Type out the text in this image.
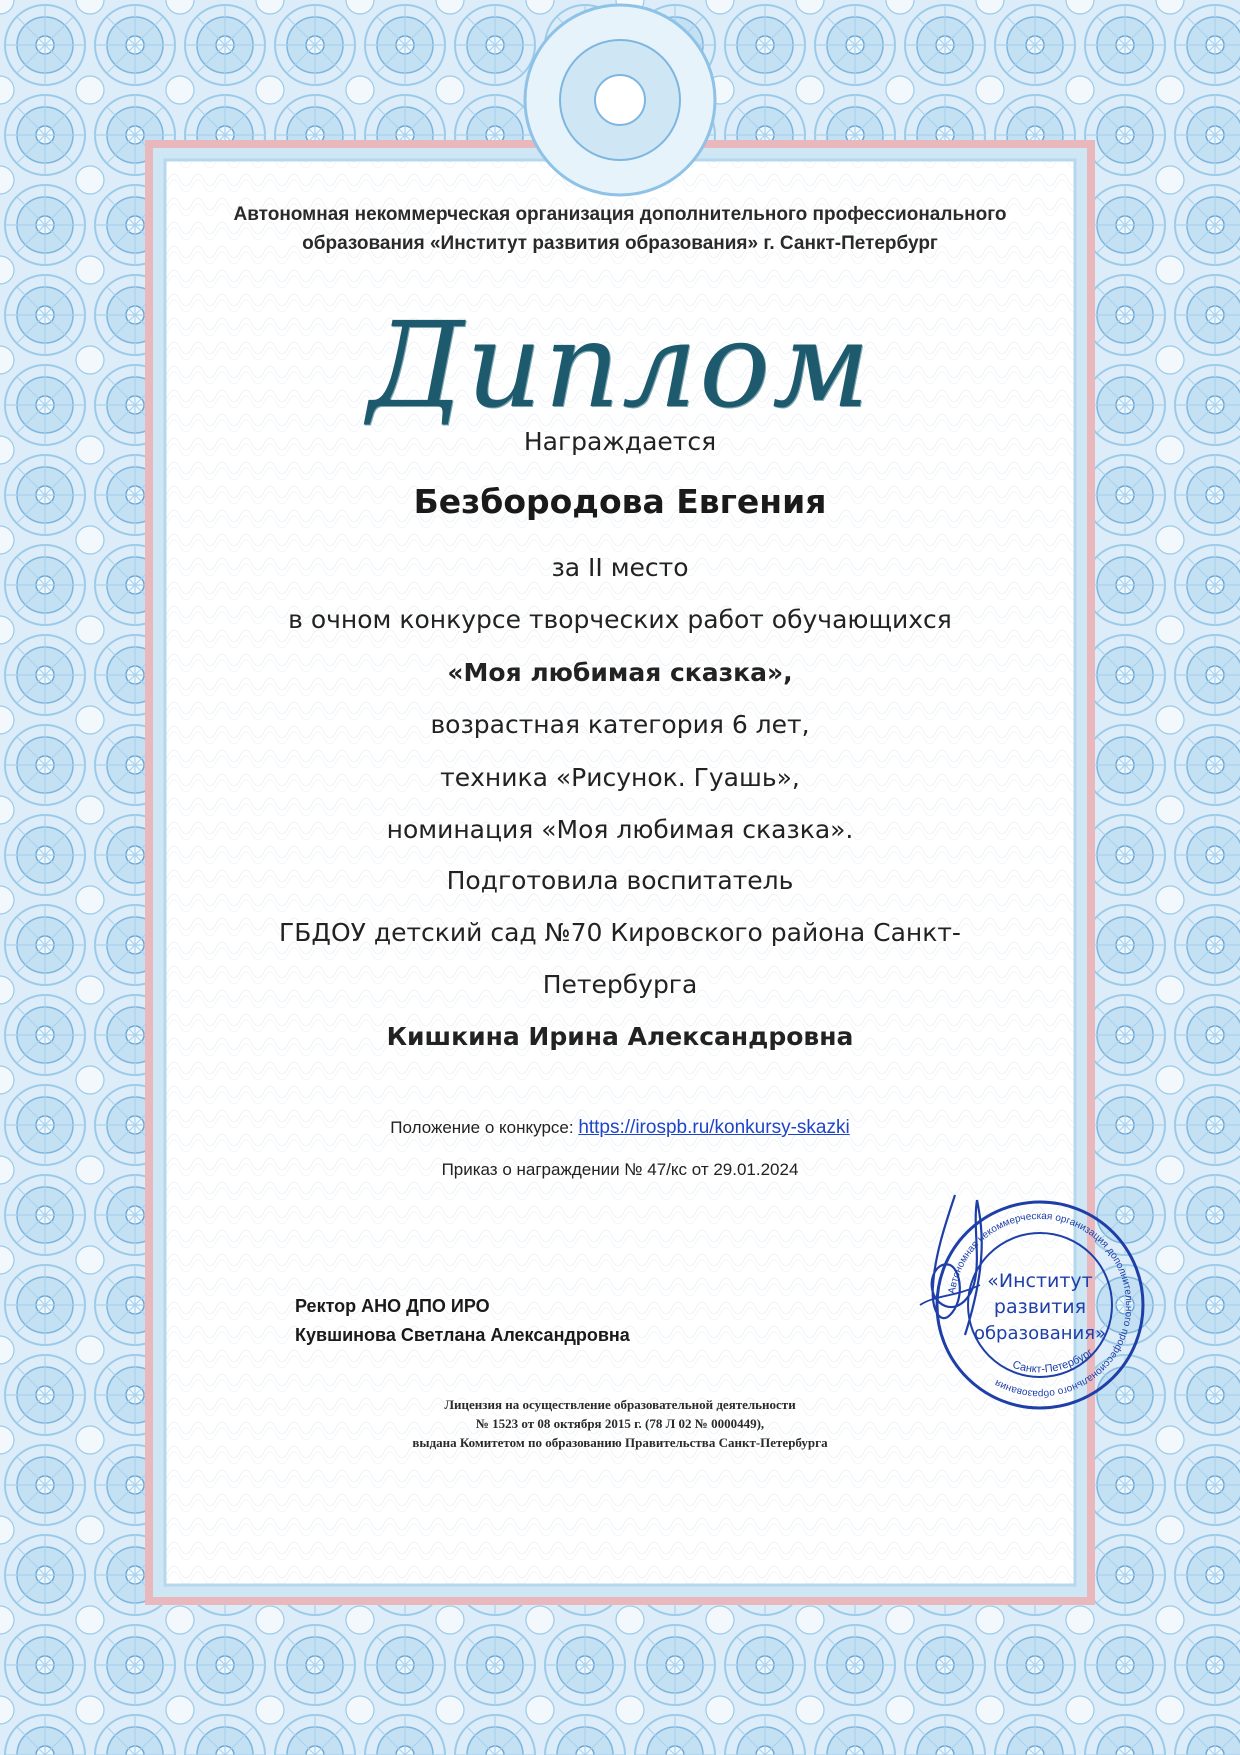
Автономная некоммерческая организация дополнительного профессионального
образования «Институт развития образования» г. Санкт-Петербург
Диплом
Награждается
Безбородова Евгения
за II место
в очном конкурсе творческих работ обучающихся
«Моя любимая сказка»,
возрастная категория 6 лет,
техника «Рисунок. Гуашь»,
номинация «Моя любимая сказка».
Подготовила воспитатель
ГБДОУ детский сад №70 Кировского района Санкт-
Петербурга
Кишкина Ирина Александровна
Положение о конкурсе: https://irospb.ru/konkursy-skazki
Приказ о награждении № 47/кс от 29.01.2024
Ректор АНО ДПО ИРО
Кувшинова Светлана Александровна
Автономная некоммерческая организация дополнительного профессионального образования
Санкт-Петербург
«Институт
развития
образования»
Лицензия на осуществление образовательной деятельности
№ 1523 от 08 октября 2015 г. (78 Л 02 № 0000449),
выдана Комитетом по образованию Правительства Санкт-Петербурга
